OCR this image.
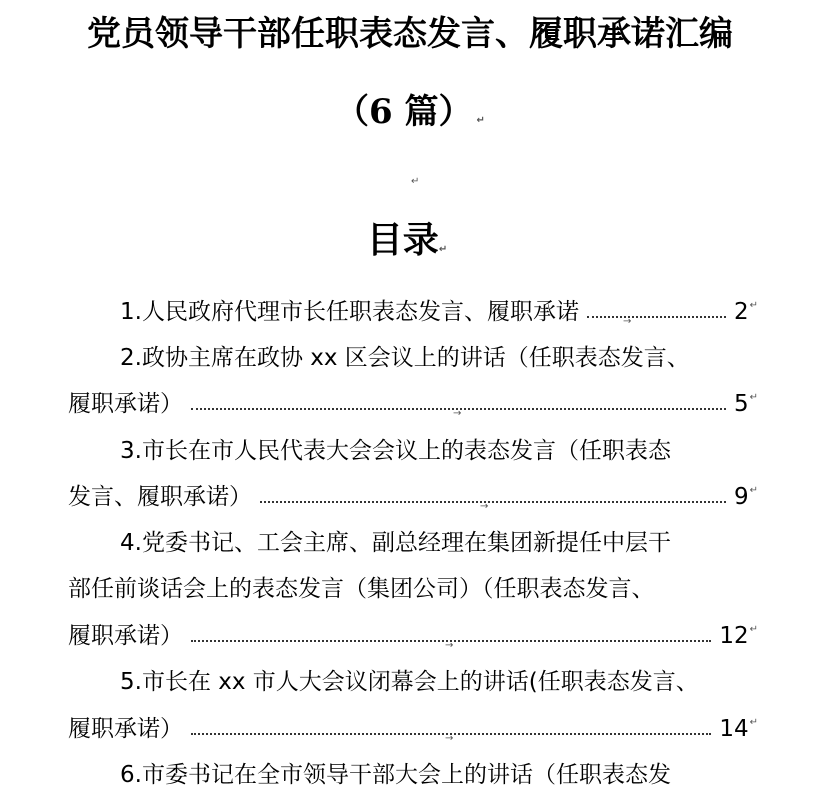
党员领导干部任职表态发言、履职承诺汇编
（6 篇） ↵
↵
目录↵
1.人民政府代理市长任职表态发言、履职承诺	→	2 ↵
2.政协主席在政协 xx 区会议上的讲话（任职表态发言、
履职承诺）	→	5 ↵
3.市长在市人民代表大会会议上的表态发言（任职表态
发言、履职承诺）	→	9 ↵
4.党委书记、工会主席、副总经理在集团新提任中层干
部任前谈话会上的表态发言（集团公司）（任职表态发言、
履职承诺）	→	12 ↵
5.市长在 xx 市人大会议闭幕会上的讲话(任职表态发言、
履职承诺）	→	14 ↵
6.市委书记在全市领导干部大会上的讲话（任职表态发
